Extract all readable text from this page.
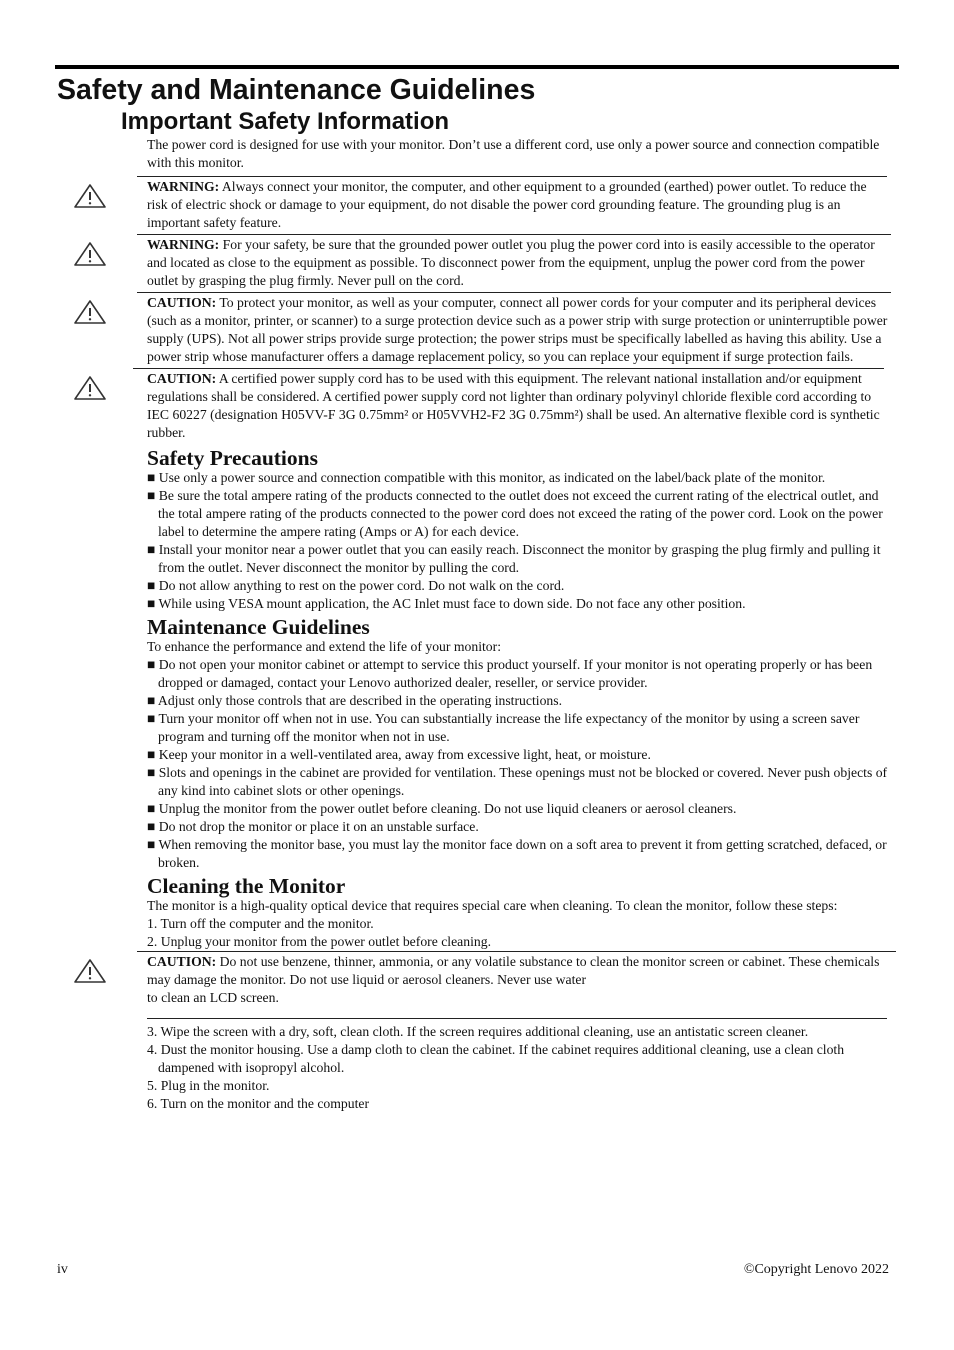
Safety and Maintenance Guidelines
Important Safety Information

The power cord is designed for use with your monitor. Don’t use a different cord, use only a power source and connection compatible with this monitor.

WARNING: Always connect your monitor, the computer, and other equipment to a grounded (earthed) power outlet. To reduce the risk of electric shock or damage to your equipment, do not disable the power cord grounding feature. The grounding plug is an important safety feature.
WARNING: For your safety, be sure that the grounded power outlet you plug the power cord into is easily accessible to the operator and located as close to the equipment as possible. To disconnect power from the equipment, unplug the power cord from the power outlet by grasping the plug firmly. Never pull on the cord.
CAUTION: To protect your monitor, as well as your computer, connect all power cords for your computer and its peripheral devices (such as a monitor, printer, or scanner) to a surge protection device such as a power strip with surge protection or uninterruptible power supply (UPS). Not all power strips provide surge protection; the power strips must be specifically labelled as having this ability. Use a power strip whose manufacturer offers a damage replacement policy, so you can replace your equipment if surge protection fails.
CAUTION: A certified power supply cord has to be used with this equipment. The relevant national installation and/or equipment regulations shall be considered. A certified power supply cord not lighter than ordinary polyvinyl chloride flexible cord according to IEC 60227 (designation H05VV-F 3G 0.75mm² or H05VVH2-F2 3G 0.75mm²) shall be used. An alternative flexible cord is synthetic rubber.

Safety Precautions

■ Use only a power source and connection compatible with this monitor, as indicated on the label/back plate of the monitor.

■ Be sure the total ampere rating of the products connected to the outlet does not exceed the current rating of the electrical outlet, and the total ampere rating of the products connected to the power cord does not exceed the rating of the power cord. Look on the power label to determine the ampere rating (Amps or A) for each device.

■ Install your monitor near a power outlet that you can easily reach. Disconnect the monitor by grasping the plug firmly and pulling it from the outlet. Never disconnect the monitor by pulling the cord.

■ Do not allow anything to rest on the power cord. Do not walk on the cord.

■ While using VESA mount application, the AC Inlet must face to down side. Do not face any other position.

Maintenance Guidelines

To enhance the performance and extend the life of your monitor:

■ Do not open your monitor cabinet or attempt to service this product yourself. If your monitor is not operating properly or has been dropped or damaged, contact your Lenovo authorized dealer, reseller, or service provider.

■ Adjust only those controls that are described in the operating instructions.

■ Turn your monitor off when not in use. You can substantially increase the life expectancy of the monitor by using a screen saver program and turning off the monitor when not in use.

■ Keep your monitor in a well-ventilated area, away from excessive light, heat, or moisture.

■ Slots and openings in the cabinet are provided for ventilation. These openings must not be blocked or covered. Never push objects of any kind into cabinet slots or other openings.

■ Unplug the monitor from the power outlet before cleaning. Do not use liquid cleaners or aerosol cleaners.

■ Do not drop the monitor or place it on an unstable surface.

■ When removing the monitor base, you must lay the monitor face down on a soft area to prevent it from getting scratched, defaced, or broken.

Cleaning the Monitor

The monitor is a high-quality optical device that requires special care when cleaning. To clean the monitor, follow these steps:

1. Turn off the computer and the monitor.

2. Unplug your monitor from the power outlet before cleaning.

CAUTION: Do not use benzene, thinner, ammonia, or any volatile substance to clean the monitor screen or cabinet. These chemicals may damage the monitor. Do not use liquid or aerosol cleaners. Never use water
to clean an LCD screen.

3. Wipe the screen with a dry, soft, clean cloth. If the screen requires additional cleaning, use an antistatic screen cleaner.

4. Dust the monitor housing. Use a damp cloth to clean the cabinet. If the cabinet requires additional cleaning, use a clean cloth dampened with isopropyl alcohol.

5. Plug in the monitor.

6. Turn on the monitor and the computer

iv	©Copyright Lenovo 2022
